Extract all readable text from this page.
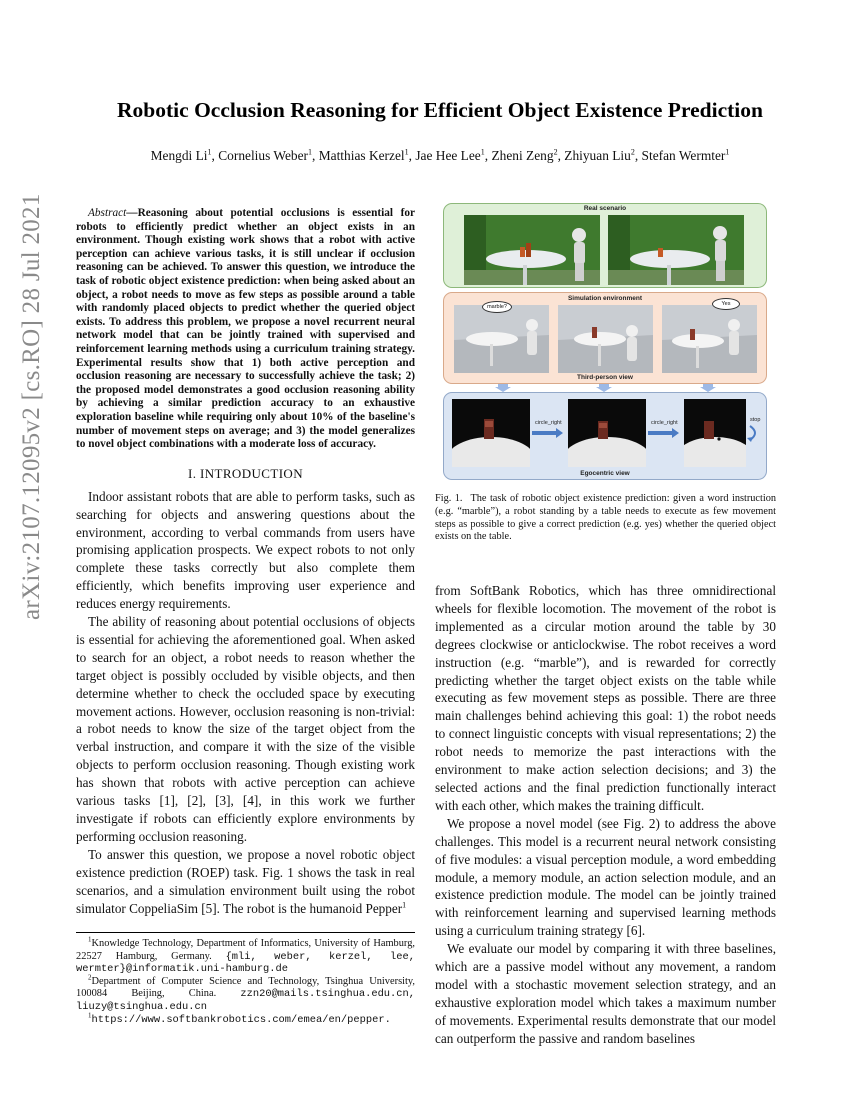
arXiv:2107.12095v2 [cs.RO] 28 Jul 2021
Robotic Occlusion Reasoning for Efficient Object Existence Prediction
Mengdi Li$^1$, Cornelius Weber$^1$, Matthias Kerzel$^1$, Jae Hee Lee$^1$, Zheni Zeng$^2$, Zhiyuan Liu$^2$, Stefan Wermter$^1$

Abstract—Reasoning about potential occlusions is essential for robots to efficiently predict whether an object exists in an environment. Though existing work shows that a robot with active perception can achieve various tasks, it is still unclear if occlusion reasoning can be achieved. To answer this question, we introduce the task of robotic object existence prediction: when being asked about an object, a robot needs to move as few steps as possible around a table with randomly placed objects to predict whether the queried object exists. To address this problem, we propose a novel recurrent neural network model that can be jointly trained with supervised and reinforcement learning methods using a curriculum training strategy. Experimental results show that 1) both active perception and occlusion reasoning are necessary to successfully achieve the task; 2) the proposed model demonstrates a good occlusion reasoning ability by achieving a similar prediction accuracy to an exhaustive exploration baseline while requiring only about 10% of the baseline's number of movement steps on average; and 3) the model generalizes to novel object combinations with a moderate loss of accuracy.

I. INTRODUCTION

Indoor assistant robots that are able to perform tasks, such as searching for objects and answering questions about the environment, according to verbal commands from users have promising application prospects. We expect robots to not only complete these tasks correctly but also complete them efficiently, which benefits improving user experience and reduces energy requirements.

The ability of reasoning about potential occlusions of objects is essential for achieving the aforementioned goal. When asked to search for an object, a robot needs to reason whether the target object is possibly occluded by visible objects, and then determine whether to check the occluded space by executing movement actions. However, occlusion reasoning is non-trivial: a robot needs to know the size of the target object from the verbal instruction, and compare it with the size of the visible objects to perform occlusion reasoning. Though existing work has shown that robots with active perception can achieve various tasks [1], [2], [3], [4], in this work we further investigate if robots can efficiently explore environments by performing occlusion reasoning.

To answer this question, we propose a novel robotic object existence prediction (ROEP) task. Fig. 1 shows the task in real scenarios, and a simulation environment built using the robot simulator CoppeliaSim [5]. The robot is the humanoid Pepper$^1$

$^1$Knowledge Technology, Department of Informatics, University of Hamburg, 22527 Hamburg, Germany. {mli, weber, kerzel, lee, wermter}@informatik.uni-hamburg.de

$^2$Department of Computer Science and Technology, Tsinghua University, 100084 Beijing, China. zzn20@mails.tsinghua.edu.cn, liuzy@tsinghua.edu.cn

$^1$https://www.softbankrobotics.com/emea/en/pepper.

Real scenario
Simulation environment
marble?	Yes
Third-person view
circle_right	circle_right	stop
Egocentric view

Fig. 1. The task of robotic object existence prediction: given a word instruction (e.g. “marble”), a robot standing by a table needs to execute as few movement steps as possible to give a correct prediction (e.g. yes) whether the queried object exists on the table.

from SoftBank Robotics, which has three omnidirectional wheels for flexible locomotion. The movement of the robot is implemented as a circular motion around the table by 30 degrees clockwise or anticlockwise. The robot receives a word instruction (e.g. “marble”), and is rewarded for correctly predicting whether the target object exists on the table while executing as few movement steps as possible. There are three main challenges behind achieving this goal: 1) the robot needs to connect linguistic concepts with visual representations; 2) the robot needs to memorize the past interactions with the environment to make action selection decisions; and 3) the selected actions and the final prediction functionally interact with each other, which makes the training difficult.

We propose a novel model (see Fig. 2) to address the above challenges. This model is a recurrent neural network consisting of five modules: a visual perception module, a word embedding module, a memory module, an action selection module, and an existence prediction module. The model can be jointly trained with reinforcement learning and supervised learning methods using a curriculum training strategy [6].

We evaluate our model by comparing it with three baselines, which are a passive model without any movement, a random model with a stochastic movement selection strategy, and an exhaustive exploration model which takes a maximum number of movements. Experimental results demonstrate that our model can outperform the passive and random baselines
